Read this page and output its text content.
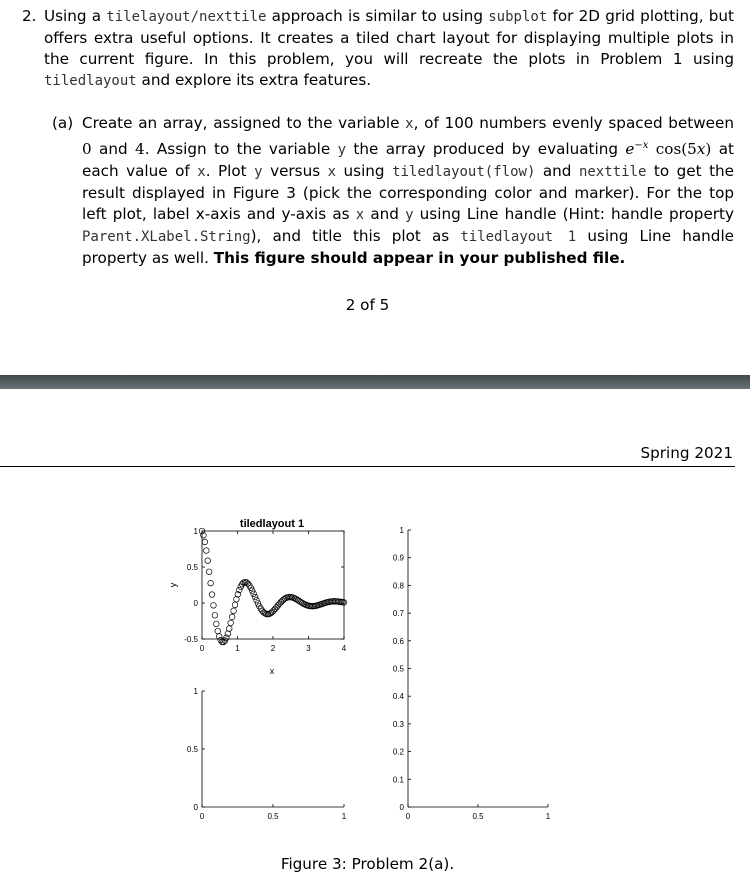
2. Using a tilelayout/nexttile approach is similar to using subplot for 2D grid plotting, but offers extra useful options. It creates a tiled chart layout for displaying multiple plots in the current figure. In this problem, you will recreate the plots in Problem 1 using tiledlayout and explore its extra features.
(a) Create an array, assigned to the variable x, of 100 numbers evenly spaced between 0 and 4. Assign to the variable y the array produced by evaluating $e^{-x}$ cos(5x) at each value of x. Plot y versus x using tiledlayout(flow) and nexttile to get the result displayed in Figure 3 (pick the corresponding color and marker). For the top left plot, label x-axis and y-axis as x and y using Line handle (Hint: handle property Parent.XLabel.String), and title this plot as tiledlayout 1 using Line handle property as well. This figure should appear in your published file.
2 of 5
Spring 2021
tiledlayout 1
y
x
0	1	2	3	4
-0.5
0
0.5
1
0	0.5	1
0
0.1
0.2
0.3
0.4
0.5
0.6
0.7
0.8
0.9
1
0	0.5	1
0
0.5
1
Figure 3: Problem 2(a).
